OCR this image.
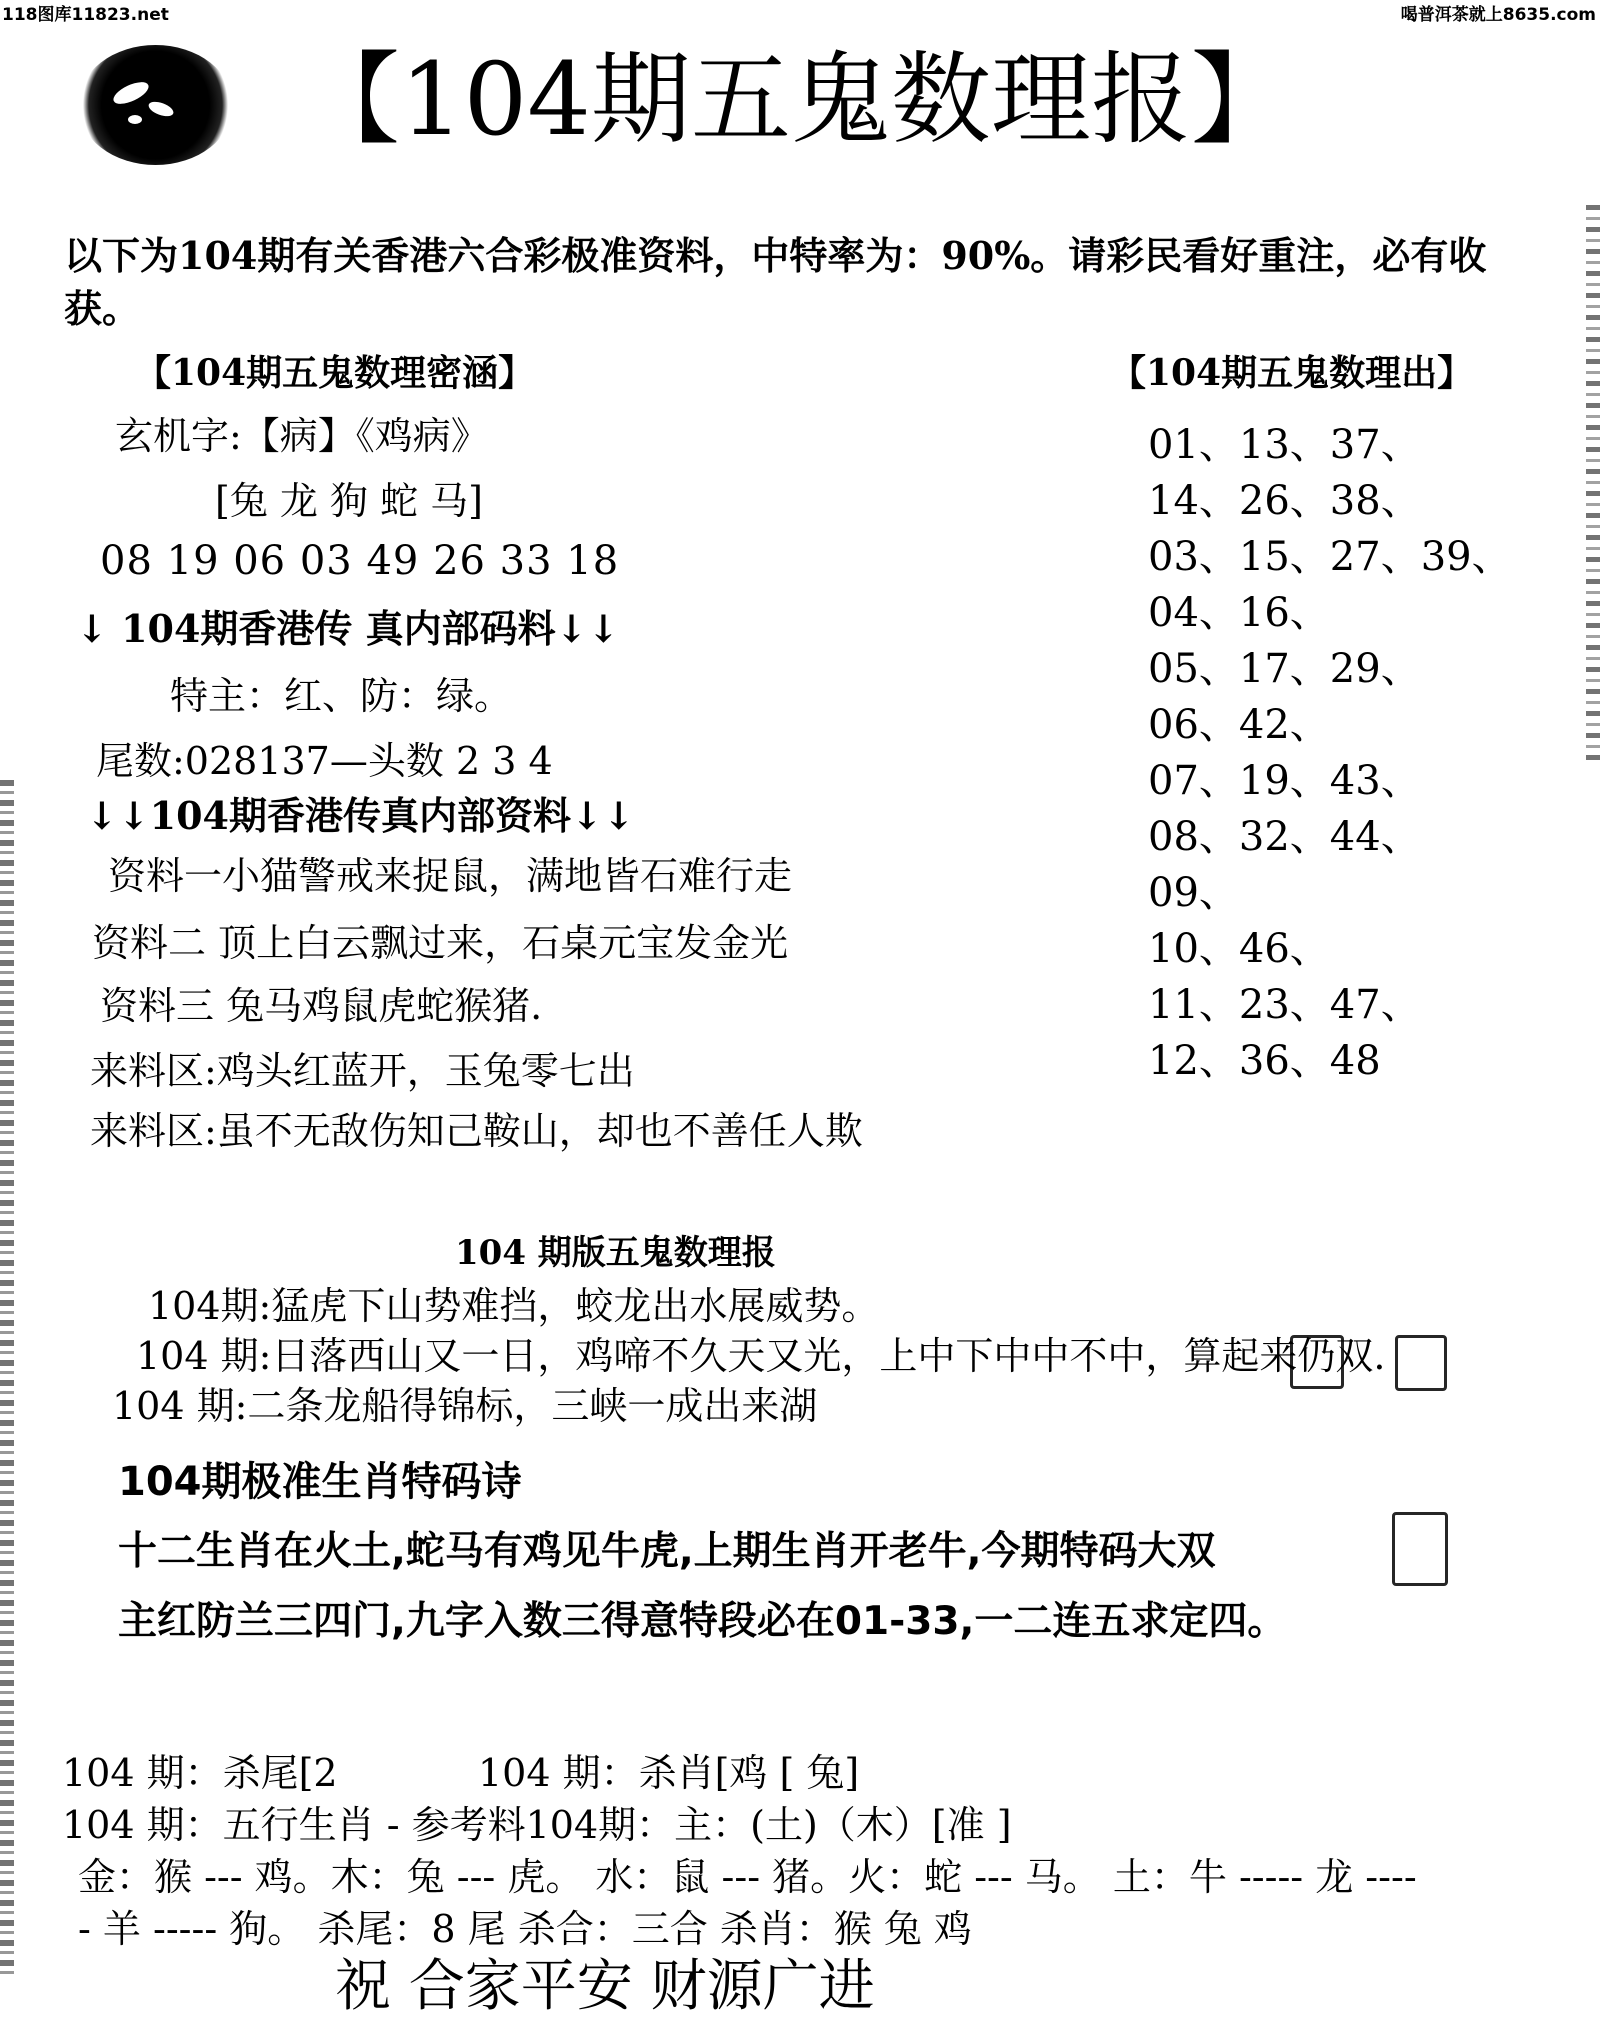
118图库11823.net	喝普洱茶就上8635.com
【104期五鬼数理报】
以下为104期有关香港六合彩极准资料，中特率为：90%。请彩民看好重注，必有收
获。
【104期五鬼数理密涵】
玄机字:【病】《鸡病》
[兔 龙 狗 蛇 马]
08 19 06 03 49 26 33 18
↓ 104期香港传 真内部码料↓↓
特主：红、防：绿。
尾数:028137—头数 2 3 4
↓↓104期香港传真内部资料↓↓
资料一小猫警戒来捉鼠，满地皆石难行走
资料二 顶上白云飘过来，石桌元宝发金光
资料三 兔马鸡鼠虎蛇猴猪.
来料区:鸡头红蓝开，玉兔零七出
来料区:虽不无敌伤知己鞍山，却也不善任人欺
【104期五鬼数理出】
01、13、37、
14、26、38、
03、15、27、39、
04、16、
05、17、29、
06、42、
07、19、43、
08、32、44、
09、
10、46、
11、23、47、
12、36、48
104 期版五鬼数理报
104期:猛虎下山势难挡，蛟龙出水展威势。
104 期:日落西山又一日，鸡啼不久天又光，上中下中中不中，算起来仍双.
104 期:二条龙船得锦标，三峡一成出来湖
104期极准生肖特码诗
十二生肖在火土,蛇马有鸡见牛虎,上期生肖开老牛,今期特码大双
主红防兰三四门,九字入数三得意特段必在01-33,一二连五求定四。
104 期：杀尾[2	104 期：杀肖[鸡 [ 兔]
104 期：五行生肖 - 参考料104期：主：(土)（木）[准 ]
金：猴 --- 鸡。木：兔 --- 虎。 水：鼠 --- 猪。火：蛇 --- 马。 土：牛 ----- 龙 ----
- 羊 ----- 狗。 杀尾：8 尾 杀合：三合 杀肖：猴 兔 鸡
祝 合家平安 财源广进
